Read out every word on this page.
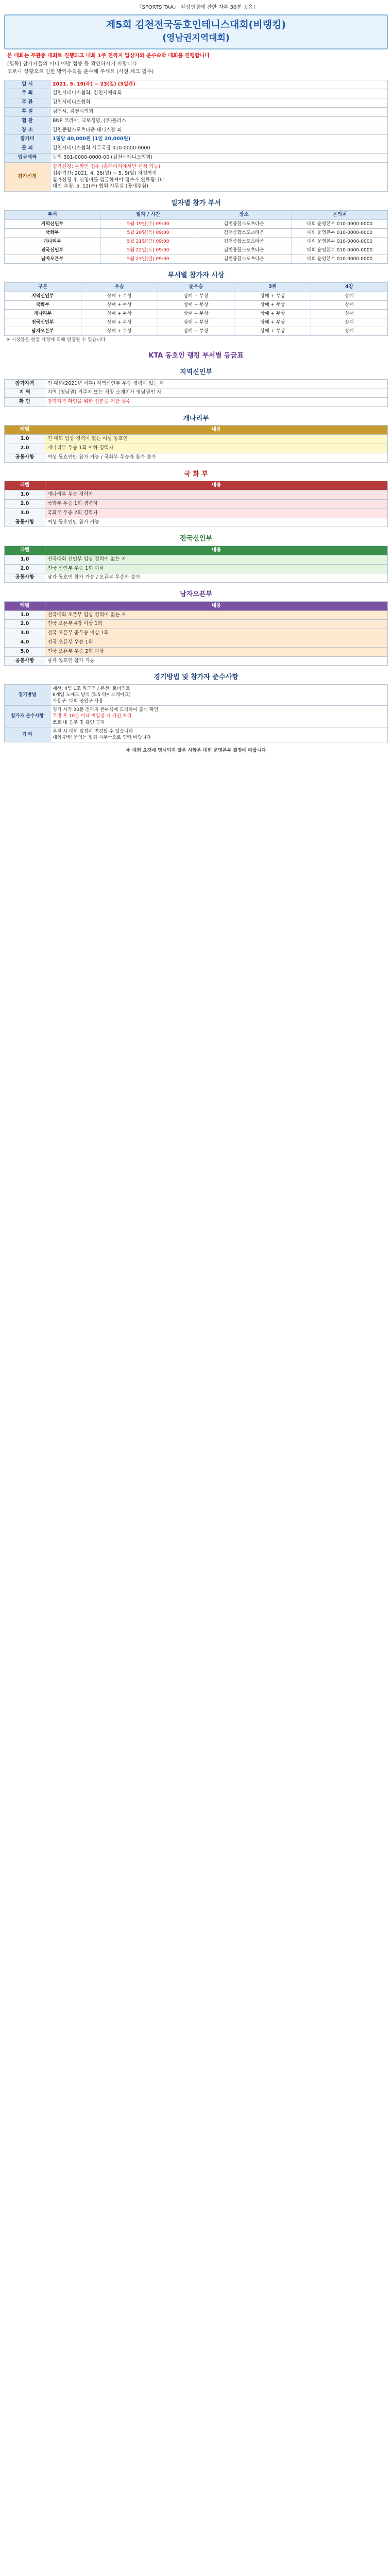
『SPORTS TAA』 일정변경에 관한 자부 30분 공유!
제5회 김천전국동호인테니스대회(비랭킹)
(영남권지역대회)
본 대회는 무관중 대회로 진행되고 대회 1주 전까지 입상자와 운수숙박 대회를 진행합니다
[필독] 참가자들의 미니 예방 접종 등 확인하시기 바랍니다
코로나 상황으로 인한 방역수칙을 준수해 주세요 (사전 체크 필수)
일 시	2021. 5. 19(수) ~ 23(일) (5일간)
주 최	김천시테니스협회, 김천시체육회
주 관	김천시테니스협회
후 원	김천시, 김천시의회
협 찬	BNP 코리아, 교보생명, (주)폴리스
장 소	김천종합스포츠타운 테니스장 외
참가비	1팀당 40,000원 (1인 20,000원)
문 의	김천시테니스협회 사무국장 010-0000-0000
입금계좌	농협 301-0000-0000-00 (김천시테니스협회)
참가신청	참가신청: 온라인 접수 (홈페이지에서만 신청 가능)
접수기간: 2021. 4. 26(월) ~ 5. 9(일) 자정까지
참가신청 후 신청비를 입금하셔야 접수가 완료됩니다
대진 추첨: 5. 12(수) 협회 사무실 (공개추첨)
일자별 참가 부서
부서	일자 / 시간	장소	문의처
지역신인부	5월 19일(수) 09:00	김천종합스포츠타운	대회 운영본부 010-0000-0000
국화부	5월 20일(목) 09:00	김천종합스포츠타운	대회 운영본부 010-0000-0000
개나리부	5월 21일(금) 09:00	김천종합스포츠타운	대회 운영본부 010-0000-0000
전국신인부	5월 22일(토) 09:00	김천종합스포츠타운	대회 운영본부 010-0000-0000
남자오픈부	5월 23일(일) 09:00	김천종합스포츠타운	대회 운영본부 010-0000-0000
부서별 참가자 시상
구분	우승	준우승	3위	4강
지역신인부	상패 + 부상	상패 + 부상	상패 + 부상	상패
국화부	상패 + 부상	상패 + 부상	상패 + 부상	상패
개나리부	상패 + 부상	상패 + 부상	상패 + 부상	상패
전국신인부	상패 + 부상	상패 + 부상	상패 + 부상	상패
남자오픈부	상패 + 부상	상패 + 부상	상패 + 부상	상패
※ 시상품은 현장 사정에 의해 변경될 수 있습니다
KTA 동호인 랭킹 부서별 등급표
지역신인부
참가자격	전 대회(2021년 이후) 지역신인부 우승 경력이 없는 자
지 역	지역 (영남권) 거주자 또는 직장 소재지가 영남권인 자
확 인	참가자격 확인을 위한 신분증 지참 필수
개나리부
레벨	내용
1.0	전 대회 입상 경력이 없는 여성 동호인
2.0	개나리부 우승 1회 이하 경력자
공통사항	여성 동호인만 참가 가능 / 국화부 우승자 참가 불가
국 화 부
레벨	내용
1.0	개나리부 우승 경력자
2.0	국화부 우승 1회 경력자
3.0	국화부 우승 2회 경력자
공통사항	여성 동호인만 참가 가능
전국신인부
레벨	내용
1.0	전국대회 신인부 입상 경력이 없는 자
2.0	전국 신인부 우승 1회 이하
공통사항	남자 동호인 참가 가능 / 오픈부 우승자 불가
남자오픈부
레벨	내용
1.0	전국대회 오픈부 입상 경력이 없는 자
2.0	전국 오픈부 4강 이상 1회
3.0	전국 오픈부 준우승 이상 1회
4.0	전국 오픈부 우승 1회
5.0	전국 오픈부 우승 2회 이상
공통사항	남자 동호인 참가 가능
경기방법 및 참가자 준수사항
경기방법	예선: 4팀 1조 리그전 / 본선: 토너먼트
6게임 노애드 방식 (5:5 타이브레이크)
사용구: 대회 공인구 사용

참가자 준수사항	경기 시작 30분 전까지 본부석에 도착하여 출석 확인
호명 후 10분 이내 미입장 시 기권 처리
코트 내 음주 및 흡연 금지

기 타	우천 시 대회 일정이 변경될 수 있습니다
대회 관련 문의는 협회 사무국으로 연락 바랍니다
※ 대회 요강에 명시되지 않은 사항은 대회 운영본부 결정에 따릅니다
